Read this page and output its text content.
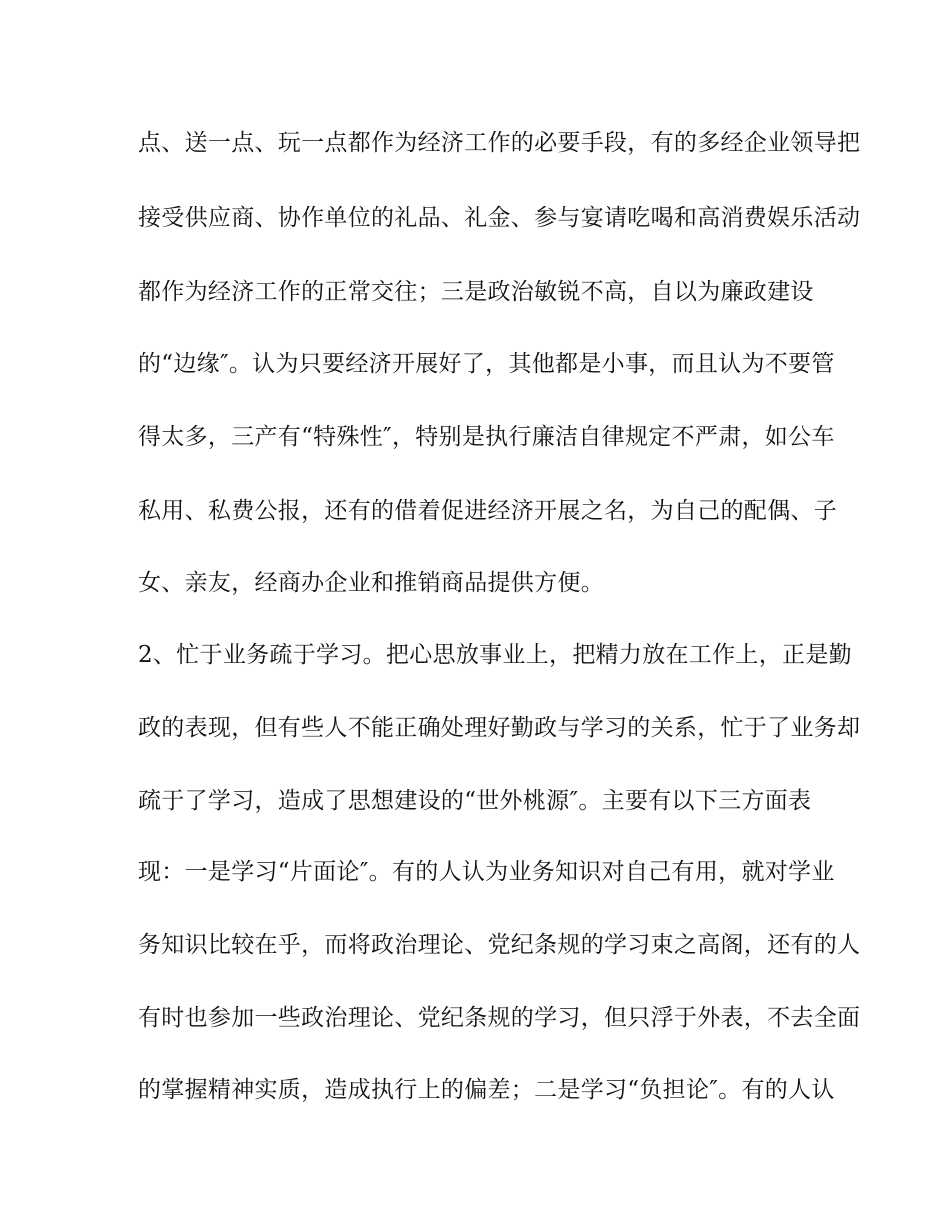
点、送一点、玩一点都作为经济工作的必要手段，有的多经企业领导把
接受供应商、协作单位的礼品、礼金、参与宴请吃喝和高消费娱乐活动
都作为经济工作的正常交往；三是政治敏锐不高，自以为廉政建设
的“边缘″。认为只要经济开展好了，其他都是小事，而且认为不要管
得太多，三产有“特殊性″，特别是执行廉洁自律规定不严肃，如公车
私用、私费公报，还有的借着促进经济开展之名，为自己的配偶、子
女、亲友，经商办企业和推销商品提供方便。
2、忙于业务疏于学习。把心思放事业上，把精力放在工作上，正是勤
政的表现，但有些人不能正确处理好勤政与学习的关系，忙于了业务却
疏于了学习，造成了思想建设的“世外桃源″。主要有以下三方面表
现：一是学习“片面论″。有的人认为业务知识对自己有用，就对学业
务知识比较在乎，而将政治理论、党纪条规的学习束之高阁，还有的人
有时也参加一些政治理论、党纪条规的学习，但只浮于外表，不去全面
的掌握精神实质，造成执行上的偏差；二是学习“负担论″。有的人认
